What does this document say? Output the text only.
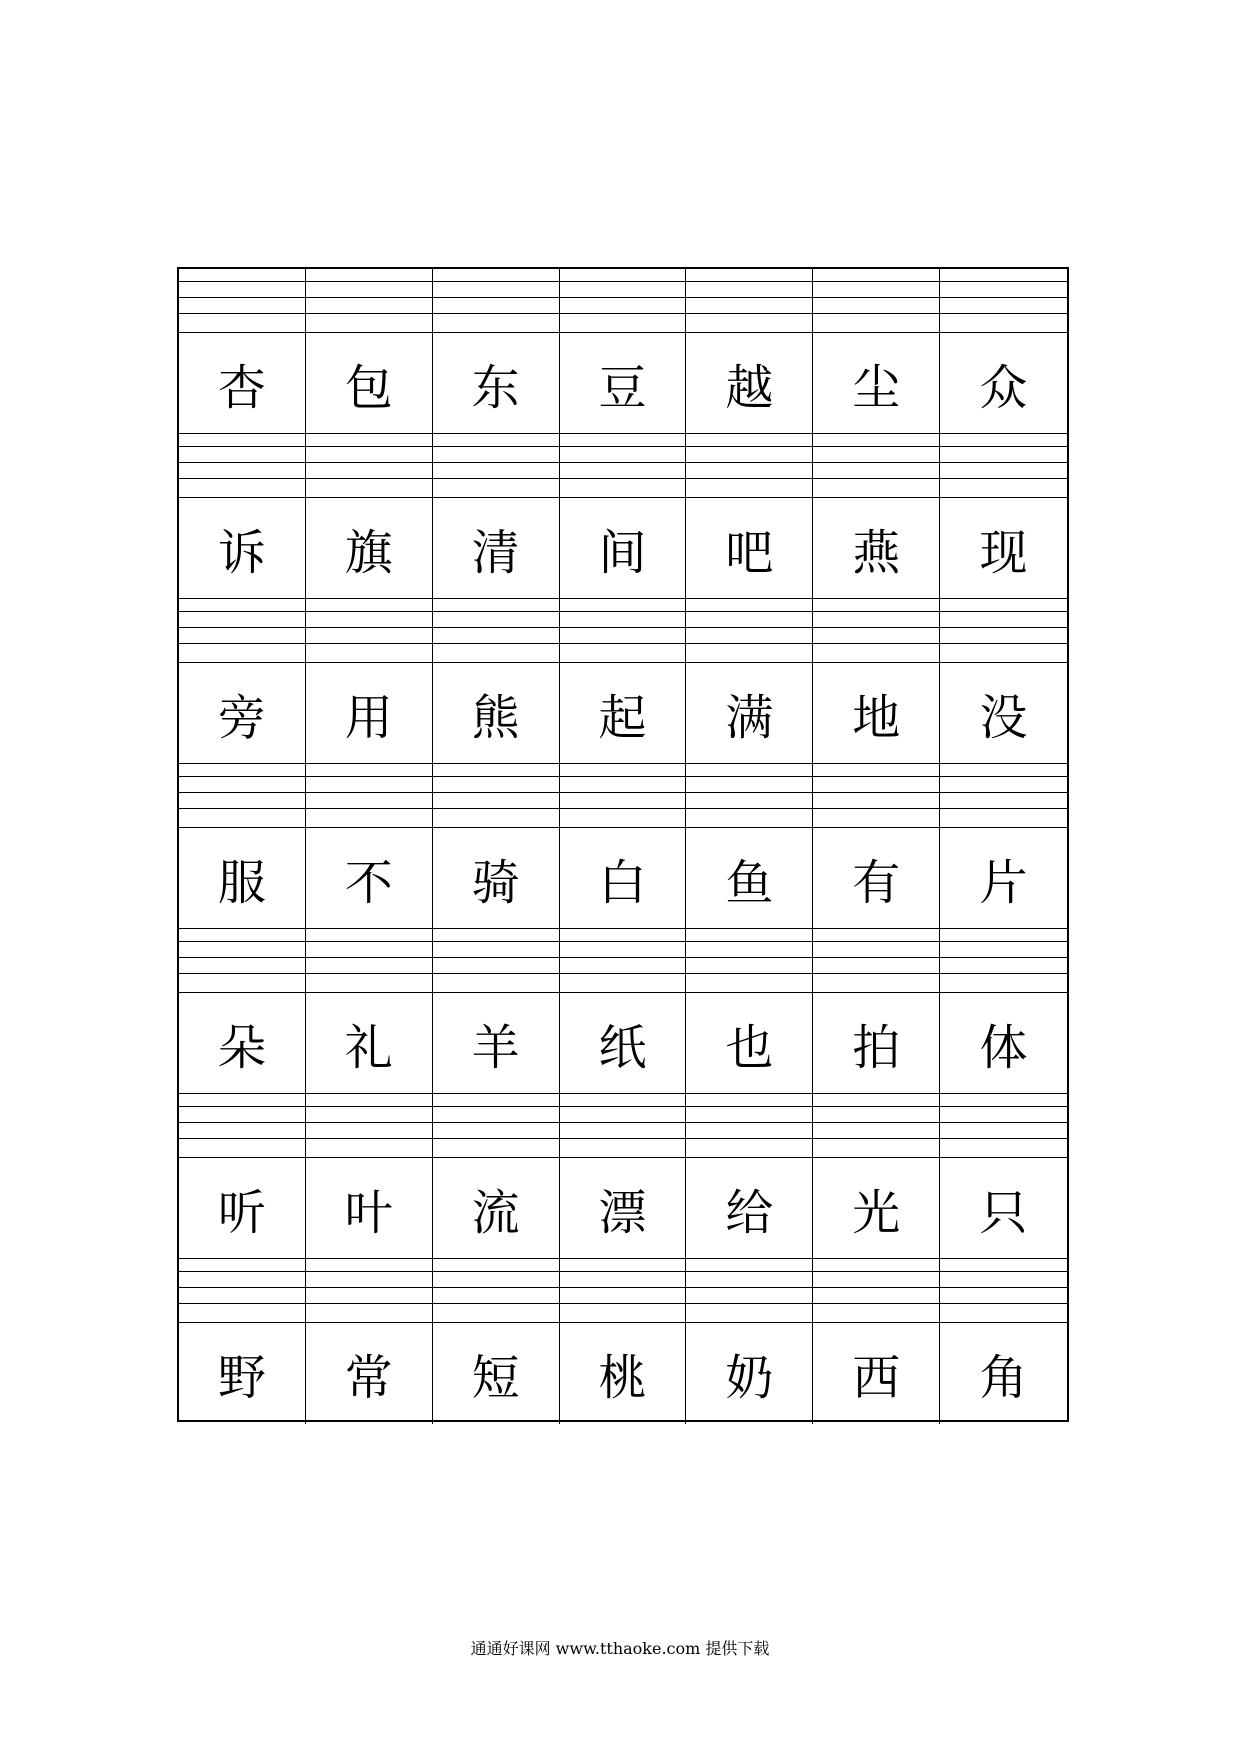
杏	包	东	豆	越	尘	众
诉	旗	清	间	吧	燕	现
旁	用	熊	起	满	地	没
服	不	骑	白	鱼	有	片
朵	礼	羊	纸	也	拍	体
听	叶	流	漂	给	光	只
野	常	短	桃	奶	西	角
通通好课网 www.tthaoke.com 提供下载
